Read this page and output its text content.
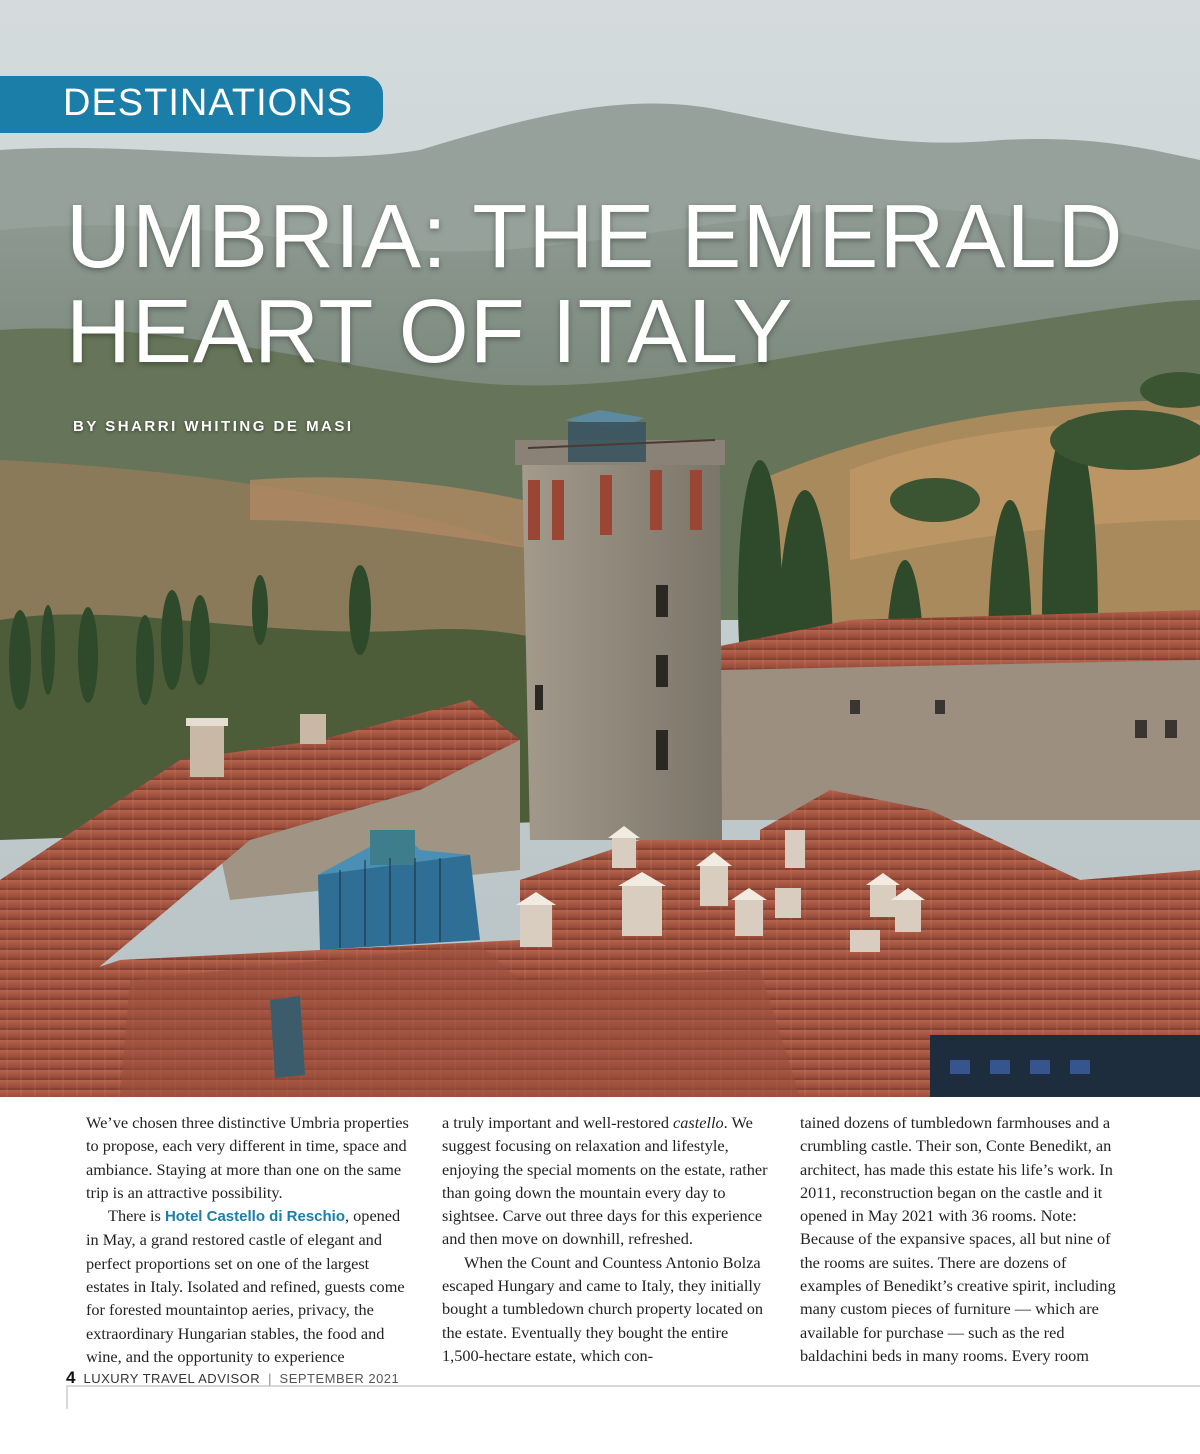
DESTINATIONS
UMBRIA: THE EMERALD
HEART OF ITALY
BY SHARRI WHITING DE MASI

We’ve chosen three distinctive Umbria properties to propose, each very different in time, space and ambiance. Staying at more than one on the same trip is an attractive possibility.

There is Hotel Castello di Reschio, opened in May, a grand restored castle of elegant and perfect proportions set on one of the largest estates in Italy. Isolated and refined, guests come for forested mountaintop aeries, privacy, the extraordinary Hungarian stables, the food and wine, and the opportunity to experience

a truly important and well-restored castello. We suggest focusing on relaxation and lifestyle, enjoying the special moments on the estate, rather than going down the mountain every day to sightsee. Carve out three days for this experience and then move on downhill, refreshed.

When the Count and Countess Antonio Bolza escaped Hungary and came to Italy, they initially bought a tumbledown church property located on the estate. Eventually they bought the entire 1,500-hectare estate, which con-

tained dozens of tumbledown farmhouses and a crumbling castle. Their son, Conte Benedikt, an architect, has made this estate his life’s work. In 2011, reconstruction began on the castle and it opened in May 2021 with 36 rooms. Note: Because of the expansive spaces, all but nine of the rooms are suites. There are dozens of examples of Benedikt’s creative spirit, including many custom pieces of furniture — which are available for purchase — such as the red baldachini beds in many rooms. Every room

4 LUXURY TRAVEL ADVISOR | SEPTEMBER 2021
